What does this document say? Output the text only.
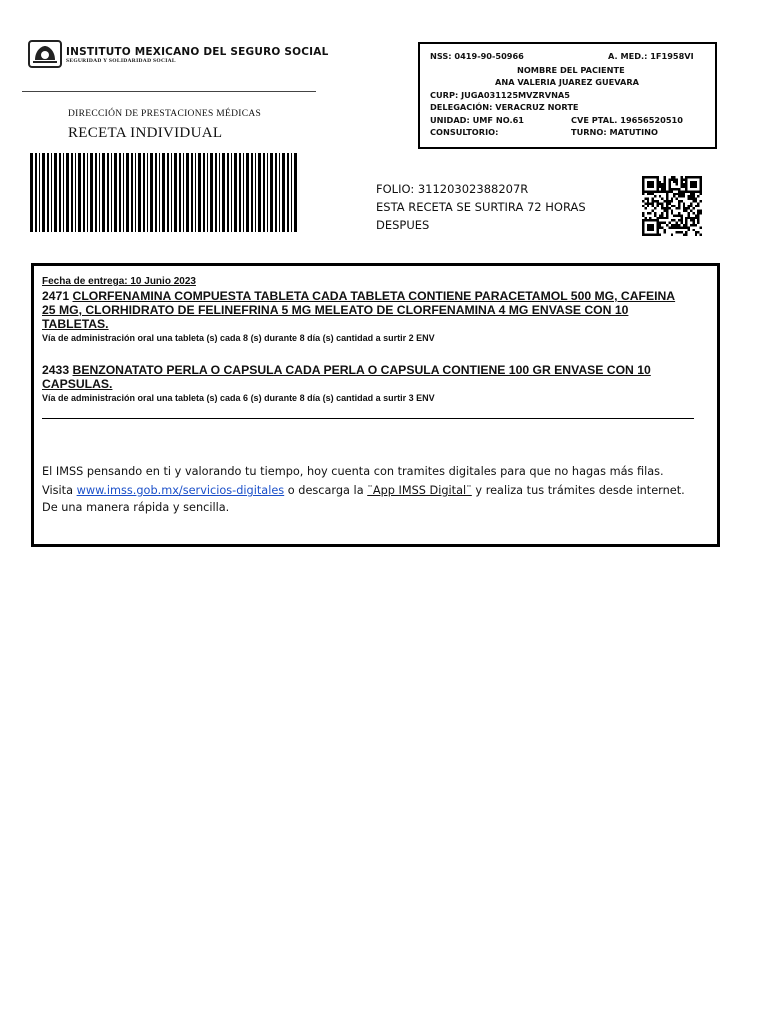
INSTITUTO MEXICANO DEL SEGURO SOCIAL
SEGURIDAD Y SOLIDARIDAD SOCIAL
DIRECCIÓN DE PRESTACIONES MÉDICAS
RECETA INDIVIDUAL
NSS: 0419-90-50966	A. MED.: 1F1958VI
NOMBRE DEL PACIENTE
ANA VALERIA JUAREZ GUEVARA
CURP: JUGA031125MVZRVNA5
DELEGACIÓN: VERACRUZ NORTE
UNIDAD: UMF NO.61	CVE PTAL. 19656520510
CONSULTORIO:	TURNO: MATUTINO
FOLIO: 31120302388207R
ESTA RECETA SE SURTIRA 72 HORAS
DESPUES
Fecha de entrega: 10 Junio 2023
2471 CLORFENAMINA COMPUESTA TABLETA CADA TABLETA CONTIENE PARACETAMOL 500 MG, CAFEINA
25 MG, CLORHIDRATO DE FELINEFRINA 5 MG MELEATO DE CLORFENAMINA 4 MG ENVASE CON 10
TABLETAS.
Vía de administración oral una tableta (s) cada 8 (s) durante 8 día (s) cantidad a surtir 2 ENV
2433 BENZONATATO PERLA O CAPSULA CADA PERLA O CAPSULA CONTIENE 100 GR ENVASE CON 10
CAPSULAS.
Vía de administración oral una tableta (s) cada 6 (s) durante 8 día (s) cantidad a surtir 3 ENV
El IMSS pensando en ti y valorando tu tiempo, hoy cuenta con tramites digitales para que no hagas más filas.
Visita www.imss.gob.mx/servicios-digitales o descarga la ¨App IMSS Digital¨ y realiza tus trámites desde internet.
De una manera rápida y sencilla.
